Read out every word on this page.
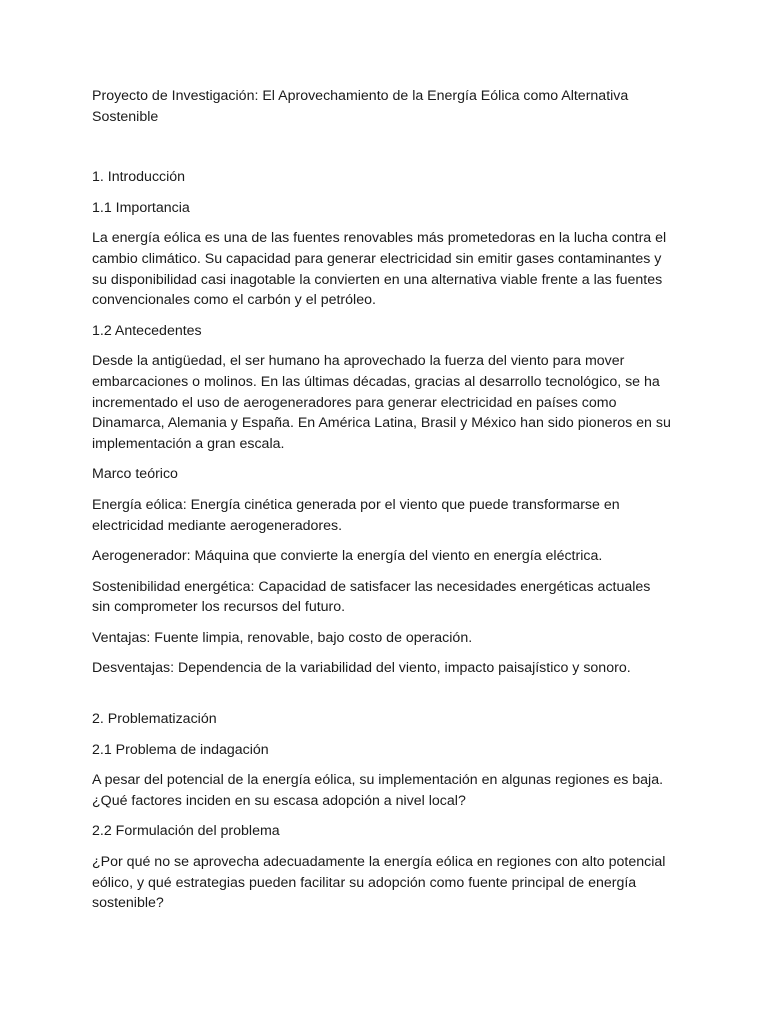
Proyecto de Investigación: El Aprovechamiento de la Energía Eólica como Alternativa Sostenible

1. Introducción

1.1 Importancia

La energía eólica es una de las fuentes renovables más prometedoras en la lucha contra el cambio climático. Su capacidad para generar electricidad sin emitir gases contaminantes y su disponibilidad casi inagotable la convierten en una alternativa viable frente a las fuentes convencionales como el carbón y el petróleo.

1.2 Antecedentes

Desde la antigüedad, el ser humano ha aprovechado la fuerza del viento para mover embarcaciones o molinos. En las últimas décadas, gracias al desarrollo tecnológico, se ha incrementado el uso de aerogeneradores para generar electricidad en países como Dinamarca, Alemania y España. En América Latina, Brasil y México han sido pioneros en su implementación a gran escala.

Marco teórico

Energía eólica: Energía cinética generada por el viento que puede transformarse en electricidad mediante aerogeneradores.

Aerogenerador: Máquina que convierte la energía del viento en energía eléctrica.

Sostenibilidad energética: Capacidad de satisfacer las necesidades energéticas actuales sin comprometer los recursos del futuro.

Ventajas: Fuente limpia, renovable, bajo costo de operación.

Desventajas: Dependencia de la variabilidad del viento, impacto paisajístico y sonoro.

2. Problematización

2.1 Problema de indagación

A pesar del potencial de la energía eólica, su implementación en algunas regiones es baja. ¿Qué factores inciden en su escasa adopción a nivel local?

2.2 Formulación del problema

¿Por qué no se aprovecha adecuadamente la energía eólica en regiones con alto potencial eólico, y qué estrategias pueden facilitar su adopción como fuente principal de energía sostenible?
